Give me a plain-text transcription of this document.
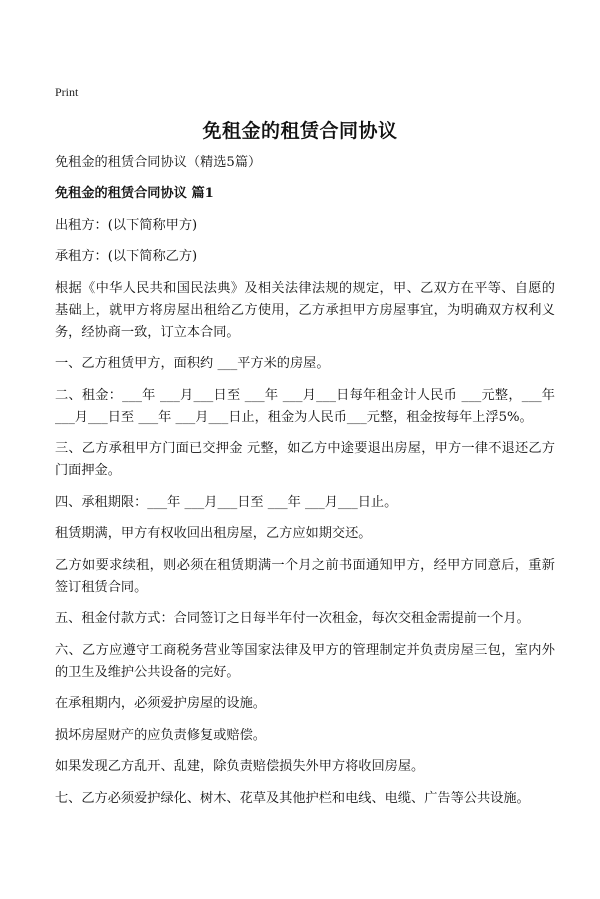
Print
免租金的租赁合同协议

免租金的租赁合同协议（精选5篇）

免租金的租赁合同协议 篇1

出租方：(以下简称甲方)

承租方：(以下简称乙方)

根据《中华人民共和国民法典》及相关法律法规的规定，甲、乙双方在平等、自愿的基础上，就甲方将房屋出租给乙方使用，乙方承担甲方房屋事宜，为明确双方权利义务，经协商一致，订立本合同。

一、乙方租赁甲方，面积约 ___平方米的房屋。

二、租金：___年 ___月___日至 ___年 ___月___日每年租金计人民币 ___元整，___年 ___月___日至 ___年 ___月___日止，租金为人民币___元整，租金按每年上浮5%。

三、乙方承租甲方门面已交押金 元整，如乙方中途要退出房屋，甲方一律不退还乙方门面押金。

四、承租期限：___年 ___月___日至 ___年 ___月___日止。

租赁期满，甲方有权收回出租房屋，乙方应如期交还。

乙方如要求续租，则必须在租赁期满一个月之前书面通知甲方，经甲方同意后，重新签订租赁合同。

五、租金付款方式：合同签订之日每半年付一次租金，每次交租金需提前一个月。

六、乙方应遵守工商税务营业等国家法律及甲方的管理制定并负责房屋三包，室内外的卫生及维护公共设备的完好。

在承租期内，必须爱护房屋的设施。

损坏房屋财产的应负责修复或赔偿。

如果发现乙方乱开、乱建，除负责赔偿损失外甲方将收回房屋。

七、乙方必须爱护绿化、树木、花草及其他护栏和电线、电缆、广告等公共设施。
